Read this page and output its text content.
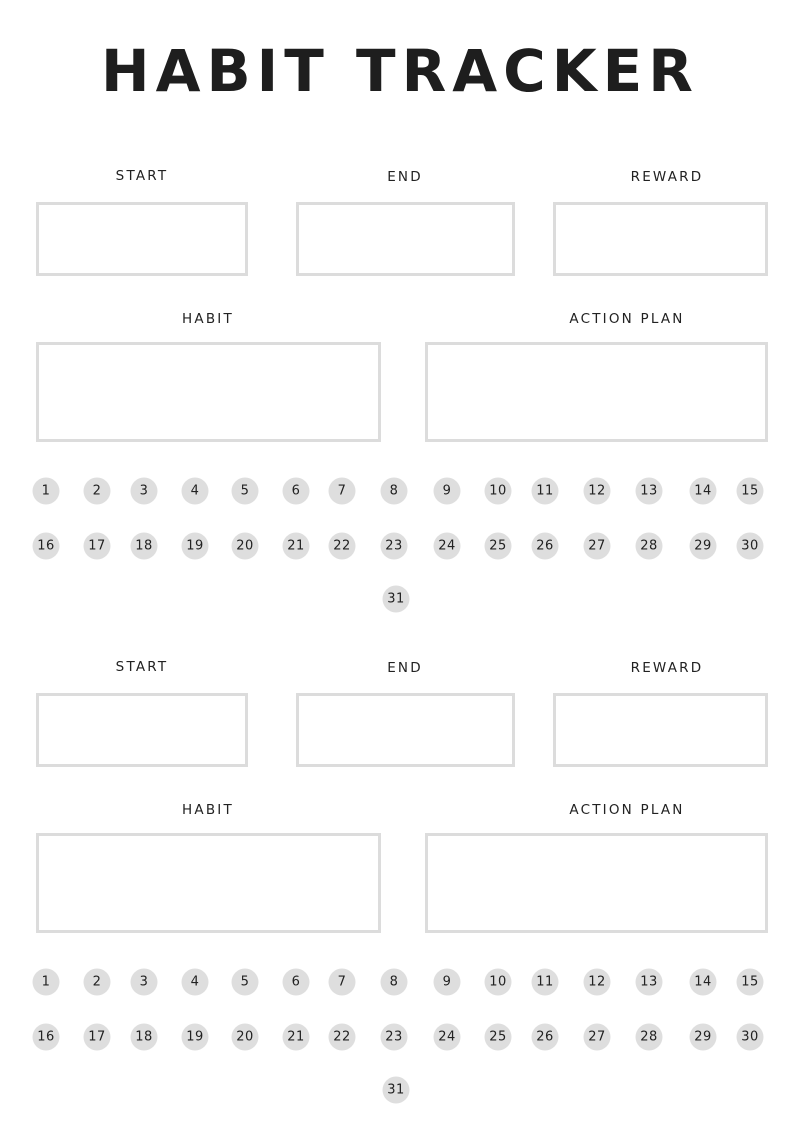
HABIT TRACKER
START	END	REWARD
HABIT	ACTION PLAN
1	2	3	4	5	6	7	8	9	10	11	12	13	14	15
16	17	18	19	20	21	22	23	24	25	26	27	28	29	30
31
START	END	REWARD
HABIT	ACTION PLAN
1	2	3	4	5	6	7	8	9	10	11	12	13	14	15
16	17	18	19	20	21	22	23	24	25	26	27	28	29	30
31
